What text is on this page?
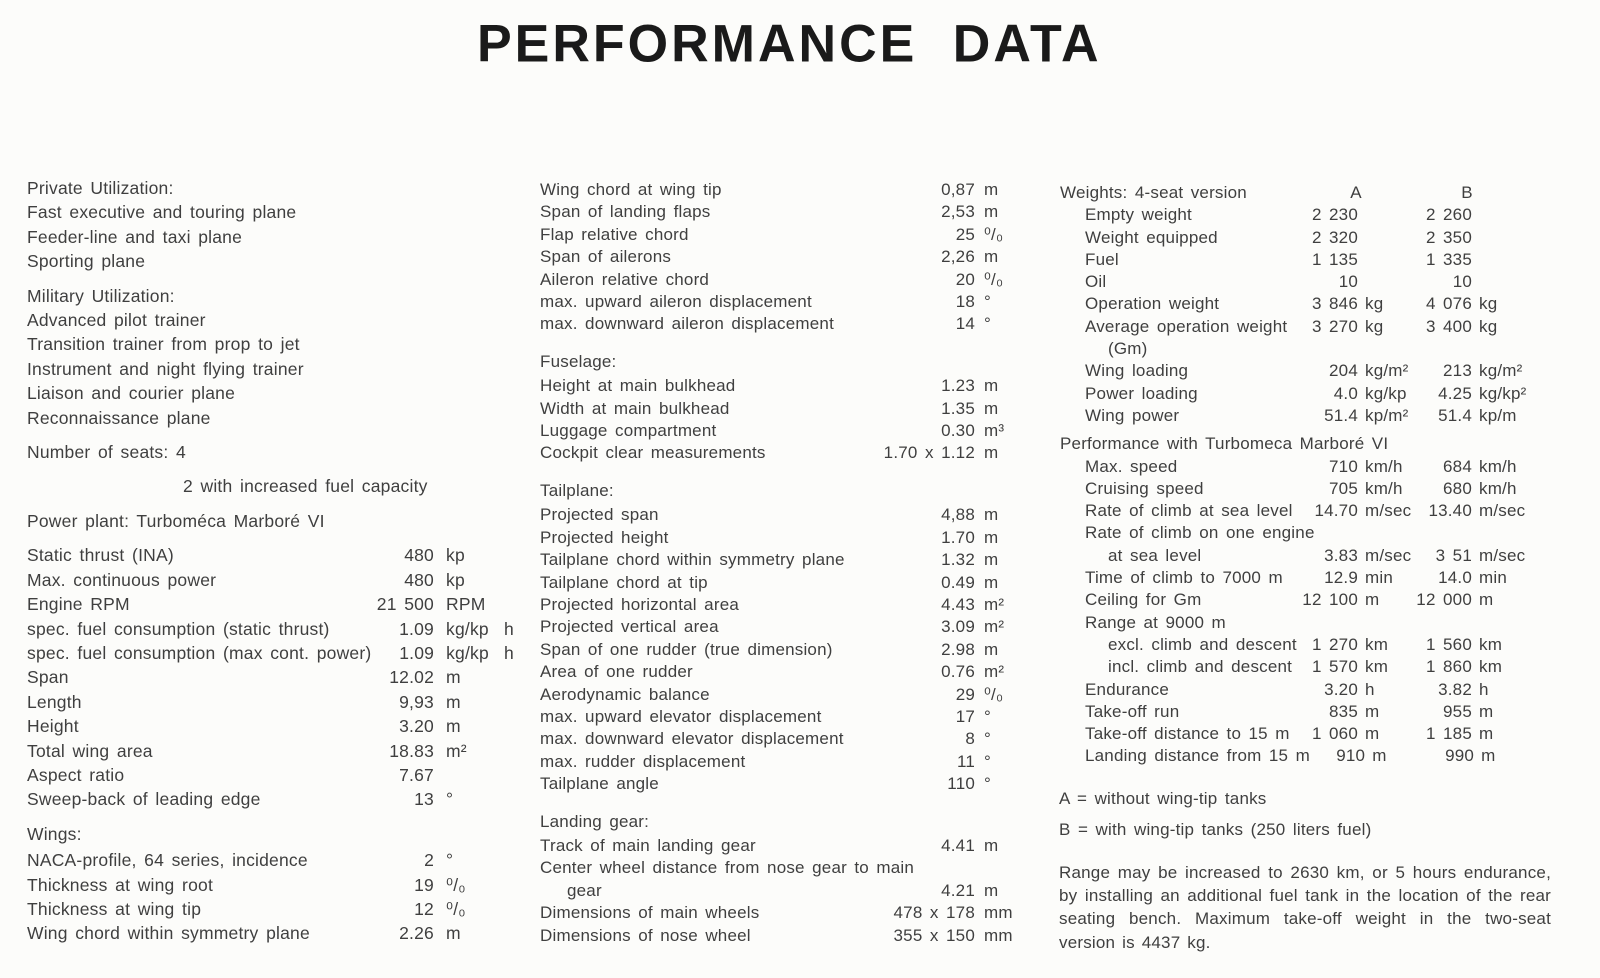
PERFORMANCE DATA
Private Utilization:
Fast executive and touring plane
Feeder-line and taxi plane
Sporting plane
Military Utilization:
Advanced pilot trainer
Transition trainer from prop to jet
Instrument and night flying trainer
Liaison and courier plane
Reconnaissance plane
Number of seats: 4
2 with increased fuel capacity
Power plant: Turboméca Marboré VI
Static thrust (INA)	480 kp
Max. continuous power	480 kp
Engine RPM	21 500 RPM
spec. fuel consumption (static thrust)	1.09 kg/kp  h
spec. fuel consumption (max cont. power)	1.09 kg/kp  h
Span	12.02 m
Length	9,93 m
Height	3.20 m
Total wing area	18.83 m²
Aspect ratio	7.67
Sweep-back of leading edge	13 °
Wings:
NACA-profile, 64 series, incidence	2 °
Thickness at wing root	19 ⁰/₀
Thickness at wing tip	12 ⁰/₀
Wing chord within symmetry plane	2.26 m
Wing chord at wing tip	0,87 m
Span of landing flaps	2,53 m
Flap relative chord	25 ⁰/₀
Span of ailerons	2,26 m
Aileron relative chord	20 ⁰/₀
max. upward aileron displacement	18 °
max. downward aileron displacement	14 °
Fuselage:
Height at main bulkhead	1.23 m
Width at main bulkhead	1.35 m
Luggage compartment	0.30 m³
Cockpit clear measurements	1.70 x 1.12 m
Tailplane:
Projected span	4,88 m
Projected height	1.70 m
Tailplane chord within symmetry plane	1.32 m
Tailplane chord at tip	0.49 m
Projected horizontal area	4.43 m²
Projected vertical area	3.09 m²
Span of one rudder (true dimension)	2.98 m
Area of one rudder	0.76 m²
Aerodynamic balance	29 ⁰/₀
max. upward elevator displacement	17 °
max. downward elevator displacement	8 °
max. rudder displacement	11 °
Tailplane angle	110 °
Landing gear:
Track of main landing gear	4.41 m
Center wheel distance from nose gear to main
gear	4.21 m
Dimensions of main wheels	478 x 178 mm
Dimensions of nose wheel	355 x 150 mm
Weights: 4-seat version	A	B
Empty weight	2 230	2 260
Weight equipped	2 320	2 350
Fuel	1 135	1 335
Oil	10	10
Operation weight	3 846 kg	4 076 kg
Average operation weight	3 270 kg	3 400 kg
(Gm)
Wing loading	204 kg/m²	213 kg/m²
Power loading	4.0 kg/kp	4.25 kg/kp²
Wing power	51.4 kp/m²	51.4 kp/m
Performance with Turbomeca Marboré VI
Max. speed	710 km/h	684 km/h
Cruising speed	705 km/h	680 km/h
Rate of climb at sea level	14.70 m/sec	13.40 m/sec
Rate of climb on one engine
at sea level	3.83 m/sec	3 51 m/sec
Time of climb to 7000 m	12.9 min	14.0 min
Ceiling for Gm	12 100 m	12 000 m
Range at 9000 m
excl. climb and descent 1 270 km	1 560 km
incl. climb and descent	1 570 km	1 860 km
Endurance	3.20 h	3.82 h
Take-off run	835 m	955 m
Take-off distance to 15 m	1 060 m	1 185 m
Landing distance from 15 m	910 m	990 m
A = without wing-tip tanks
B = with wing-tip tanks (250 liters fuel)
Range may be increased to 2630 km, or 5 hours endurance, by installing an additional fuel tank in the location of the rear seating bench. Maximum take-off weight in the two-seat version is 4437 kg.
